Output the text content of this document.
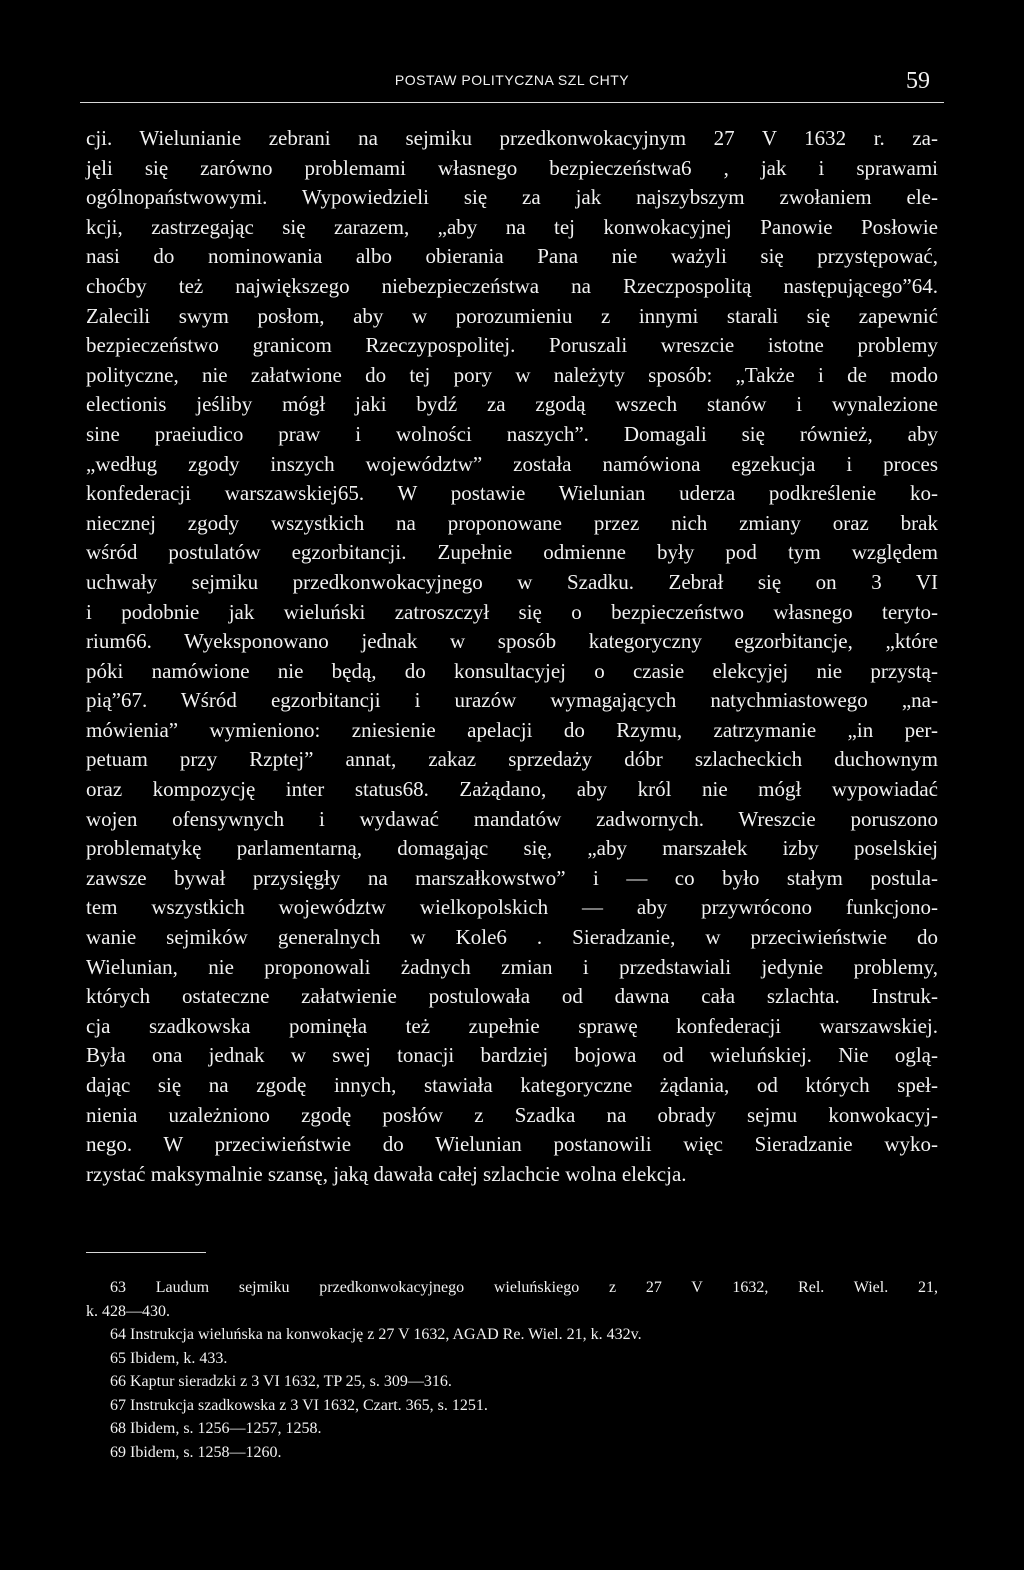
POSTAW POLITYCZNA SZL CHTY	59
cji. Wielunianie zebrani na sejmiku przedkonwokacyjnym 27 V 1632 r. za-
jęli się zarówno problemami własnego bezpieczeństwa6 , jak i sprawami
ogólnopaństwowymi. Wypowiedzieli się za jak najszybszym zwołaniem ele-
kcji, zastrzegając się zarazem, „aby na tej konwokacyjnej Panowie Posłowie
nasi do nominowania albo obierania Pana nie ważyli się przystępować,
choćby też największego niebezpieczeństwa na Rzeczpospolitą następującego”64.
Zalecili swym posłom, aby w porozumieniu z innymi starali się zapewnić
bezpieczeństwo granicom Rzeczypospolitej. Poruszali wreszcie istotne problemy
polityczne, nie załatwione do tej pory w należyty sposób: „Także i de modo
electionis jeśliby mógł jaki bydź za zgodą wszech stanów i wynalezione
sine praeiudico praw i wolności naszych”. Domagali się również, aby
„według zgody inszych województw” została namówiona egzekucja i proces
konfederacji warszawskiej65. W postawie Wielunian uderza podkreślenie ko-
niecznej zgody wszystkich na proponowane przez nich zmiany oraz brak
wśród postulatów egzorbitancji. Zupełnie odmienne były pod tym względem
uchwały sejmiku przedkonwokacyjnego w Szadku. Zebrał się on 3 VI
i podobnie jak wieluński zatroszczył się o bezpieczeństwo własnego teryto-
rium66. Wyeksponowano jednak w sposób kategoryczny egzorbitancje, „które
póki namówione nie będą, do konsultacyjej o czasie elekcyjej nie przystą-
pią”67. Wśród egzorbitancji i urazów wymagających natychmiastowego „na-
mówienia” wymieniono: zniesienie apelacji do Rzymu, zatrzymanie „in per-
petuam przy Rzptej” annat, zakaz sprzedaży dóbr szlacheckich duchownym
oraz kompozycję inter status68. Zażądano, aby król nie mógł wypowiadać
wojen ofensywnych i wydawać mandatów zadwornych. Wreszcie poruszono
problematykę parlamentarną, domagając się, „aby marszałek izby poselskiej
zawsze bywał przysięgły na marszałkowstwo” i — co było stałym postula-
tem wszystkich województw wielkopolskich — aby przywrócono funkcjono-
wanie sejmików generalnych w Kole6 . Sieradzanie, w przeciwieństwie do
Wielunian, nie proponowali żadnych zmian i przedstawiali jedynie problemy,
których ostateczne załatwienie postulowała od dawna cała szlachta. Instruk-
cja szadkowska pominęła też zupełnie sprawę konfederacji warszawskiej.
Była ona jednak w swej tonacji bardziej bojowa od wieluńskiej. Nie oglą-
dając się na zgodę innych, stawiała kategoryczne żądania, od których speł-
nienia uzależniono zgodę posłów z Szadka na obrady sejmu konwokacyj-
nego. W przeciwieństwie do Wielunian postanowili więc Sieradzanie wyko-
rzystać maksymalnie szansę, jaką dawała całej szlachcie wolna elekcja.
63 Laudum sejmiku przedkonwokacyjnego wieluńskiego z 27 V 1632, Rel. Wiel. 21,
k. 428—430.
64 Instrukcja wieluńska na konwokację z 27 V 1632, AGAD Re. Wiel. 21, k. 432v.
65 Ibidem, k. 433.
66 Kaptur sieradzki z 3 VI 1632, TP 25, s. 309—316.
67 Instrukcja szadkowska z 3 VI 1632, Czart. 365, s. 1251.
68 Ibidem, s. 1256—1257, 1258.
69 Ibidem, s. 1258—1260.
